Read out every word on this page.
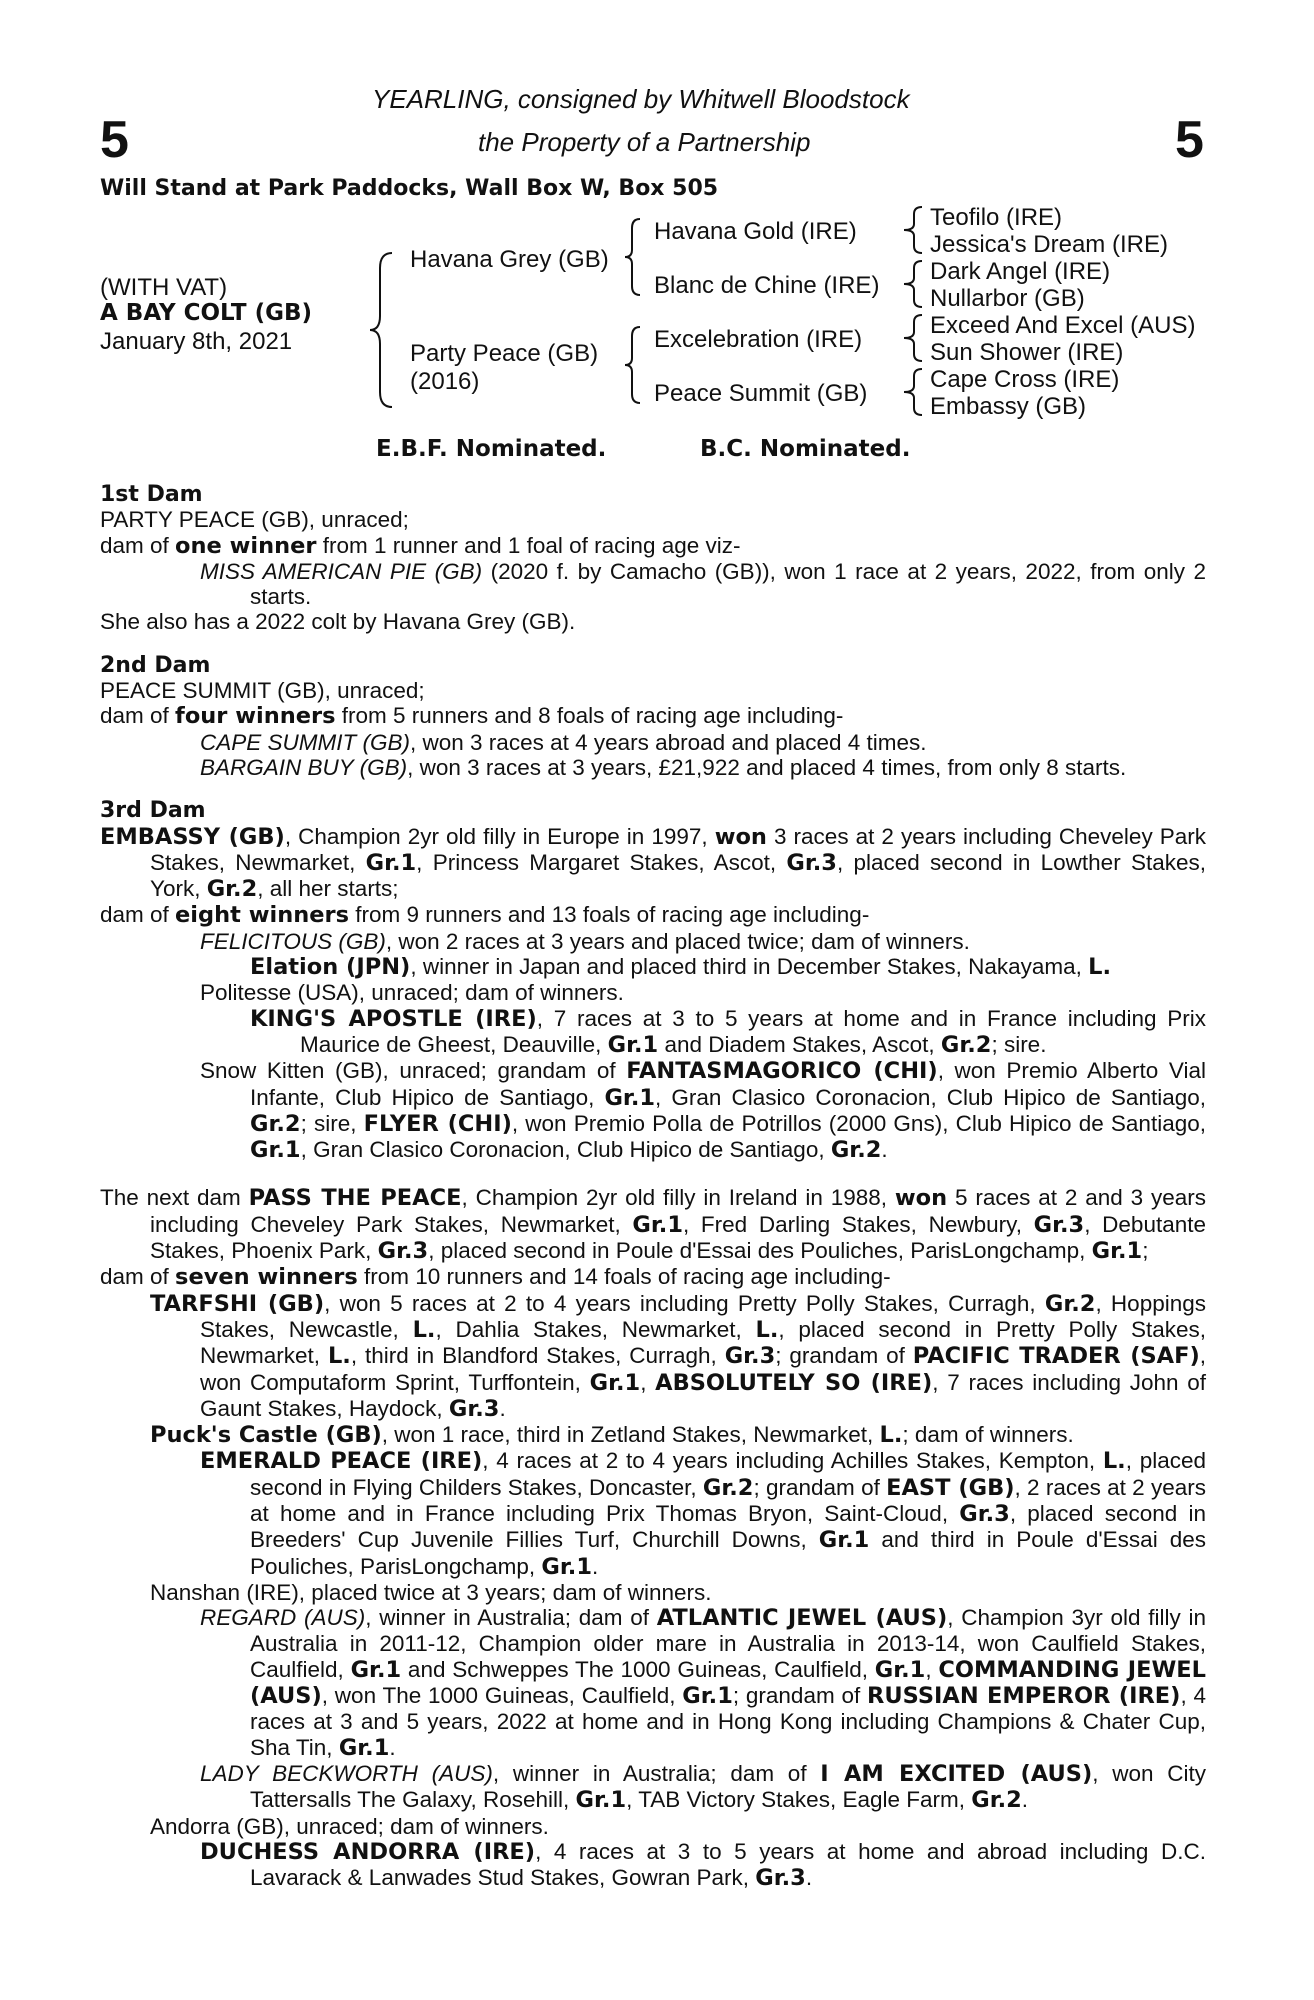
YEARLING, consigned by Whitwell Bloodstock
the Property of a Partnership
5	5
Will Stand at Park Paddocks, Wall Box W, Box 505
(WITH VAT)
A BAY COLT (GB)
January 8th, 2021
Havana Grey (GB)
Party Peace (GB)
(2016)
Havana Gold (IRE)
Blanc de Chine (IRE)
Excelebration (IRE)
Peace Summit (GB)
Teofilo (IRE)
Jessica's Dream (IRE)
Dark Angel (IRE)
Nullarbor (GB)
Exceed And Excel (AUS)
Sun Shower (IRE)
Cape Cross (IRE)
Embassy (GB)
E.B.F. Nominated.	B.C. Nominated.
1st Dam

PARTY PEACE (GB), unraced;

dam of one winner from 1 runner and 1 foal of racing age viz-

MISS AMERICAN PIE (GB) (2020 f. by Camacho (GB)), won 1 race at 2 years, 2022, from only 2 starts.

She also has a 2022 colt by Havana Grey (GB).

2nd Dam

PEACE SUMMIT (GB), unraced;

dam of four winners from 5 runners and 8 foals of racing age including-

CAPE SUMMIT (GB), won 3 races at 4 years abroad and placed 4 times.

BARGAIN BUY (GB), won 3 races at 3 years, £21,922 and placed 4 times, from only 8 starts.

3rd Dam

EMBASSY (GB), Champion 2yr old filly in Europe in 1997, won 3 races at 2 years including Cheveley Park Stakes, Newmarket, Gr.1, Princess Margaret Stakes, Ascot, Gr.3, placed second in Lowther Stakes, York, Gr.2, all her starts;

dam of eight winners from 9 runners and 13 foals of racing age including-

FELICITOUS (GB), won 2 races at 3 years and placed twice; dam of winners.

Elation (JPN), winner in Japan and placed third in December Stakes, Nakayama, L.

Politesse (USA), unraced; dam of winners.

KING'S APOSTLE (IRE), 7 races at 3 to 5 years at home and in France including Prix Maurice de Gheest, Deauville, Gr.1 and Diadem Stakes, Ascot, Gr.2; sire.

Snow Kitten (GB), unraced; grandam of FANTASMAGORICO (CHI), won Premio Alberto Vial Infante, Club Hipico de Santiago, Gr.1, Gran Clasico Coronacion, Club Hipico de Santiago, Gr.2; sire, FLYER (CHI), won Premio Polla de Potrillos (2000 Gns), Club Hipico de Santiago, Gr.1, Gran Clasico Coronacion, Club Hipico de Santiago, Gr.2.

The next dam PASS THE PEACE, Champion 2yr old filly in Ireland in 1988, won 5 races at 2 and 3 years including Cheveley Park Stakes, Newmarket, Gr.1, Fred Darling Stakes, Newbury, Gr.3, Debutante Stakes, Phoenix Park, Gr.3, placed second in Poule d'Essai des Pouliches, ParisLongchamp, Gr.1;

dam of seven winners from 10 runners and 14 foals of racing age including-

TARFSHI (GB), won 5 races at 2 to 4 years including Pretty Polly Stakes, Curragh, Gr.2, Hoppings Stakes, Newcastle, L., Dahlia Stakes, Newmarket, L., placed second in Pretty Polly Stakes, Newmarket, L., third in Blandford Stakes, Curragh, Gr.3; grandam of PACIFIC TRADER (SAF), won Computaform Sprint, Turffontein, Gr.1, ABSOLUTELY SO (IRE), 7 races including John of Gaunt Stakes, Haydock, Gr.3.

Puck's Castle (GB), won 1 race, third in Zetland Stakes, Newmarket, L.; dam of winners.

EMERALD PEACE (IRE), 4 races at 2 to 4 years including Achilles Stakes, Kempton, L., placed second in Flying Childers Stakes, Doncaster, Gr.2; grandam of EAST (GB), 2 races at 2 years at home and in France including Prix Thomas Bryon, Saint-Cloud, Gr.3, placed second in Breeders' Cup Juvenile Fillies Turf, Churchill Downs, Gr.1 and third in Poule d'Essai des Pouliches, ParisLongchamp, Gr.1.

Nanshan (IRE), placed twice at 3 years; dam of winners.

REGARD (AUS), winner in Australia; dam of ATLANTIC JEWEL (AUS), Champion 3yr old filly in Australia in 2011-12, Champion older mare in Australia in 2013-14, won Caulfield Stakes, Caulfield, Gr.1 and Schweppes The 1000 Guineas, Caulfield, Gr.1, COMMANDING JEWEL (AUS), won The 1000 Guineas, Caulfield, Gr.1; grandam of RUSSIAN EMPEROR (IRE), 4 races at 3 and 5 years, 2022 at home and in Hong Kong including Champions & Chater Cup, Sha Tin, Gr.1.

LADY BECKWORTH (AUS), winner in Australia; dam of I AM EXCITED (AUS), won City Tattersalls The Galaxy, Rosehill, Gr.1, TAB Victory Stakes, Eagle Farm, Gr.2.

Andorra (GB), unraced; dam of winners.

DUCHESS ANDORRA (IRE), 4 races at 3 to 5 years at home and abroad including D.C. Lavarack & Lanwades Stud Stakes, Gowran Park, Gr.3.
